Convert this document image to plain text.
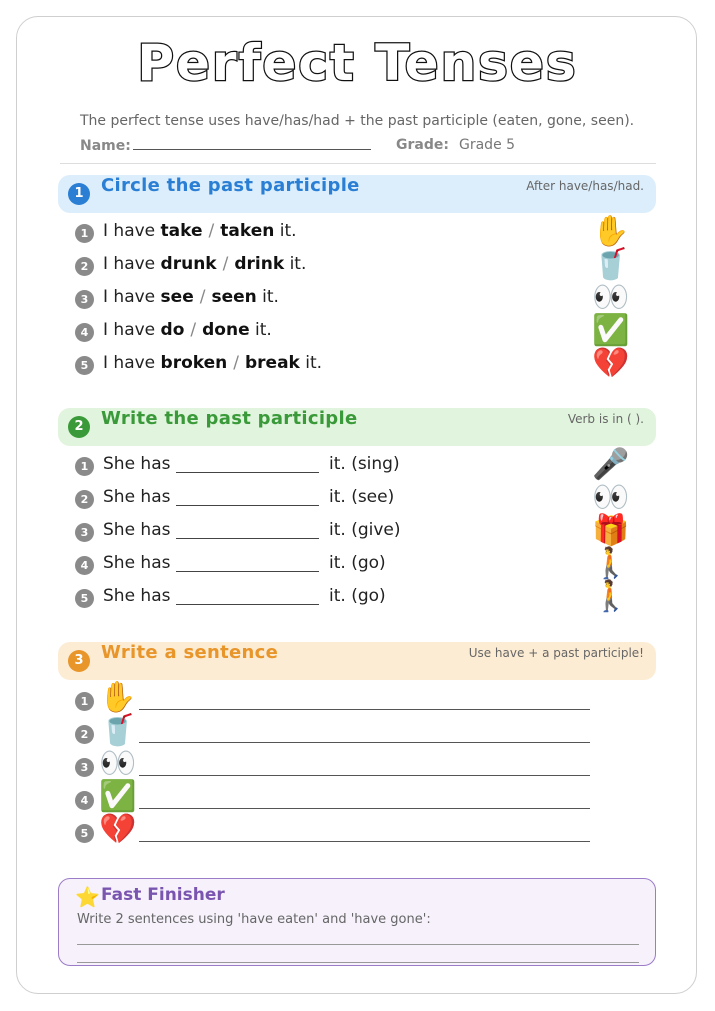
Perfect Tenses
The perfect tense uses have/has/had + the past participle (eaten, gone, seen).
Name:	Grade: Grade 5
1 Circle the past participle	After have/has/had.
1 I have take / taken it.	✋
2 I have drunk / drink it.	🥤
3 I have see / seen it.	👀
4 I have do / done it.	✅
5 I have broken / break it.	💔
2 Write the past participle	Verb is in ( ).
1 She has	it. (sing)	🎤
2 She has	it. (see)	👀
3 She has	it. (give)	🎁
4 She has	it. (go)	🚶
5 She has	it. (go)	🚶
3 Write a sentence	Use have + a past participle!
1 ✋
2 🥤
3 👀
4 ✅
5 💔
⭐ Fast Finisher
Write 2 sentences using 'have eaten' and 'have gone':
